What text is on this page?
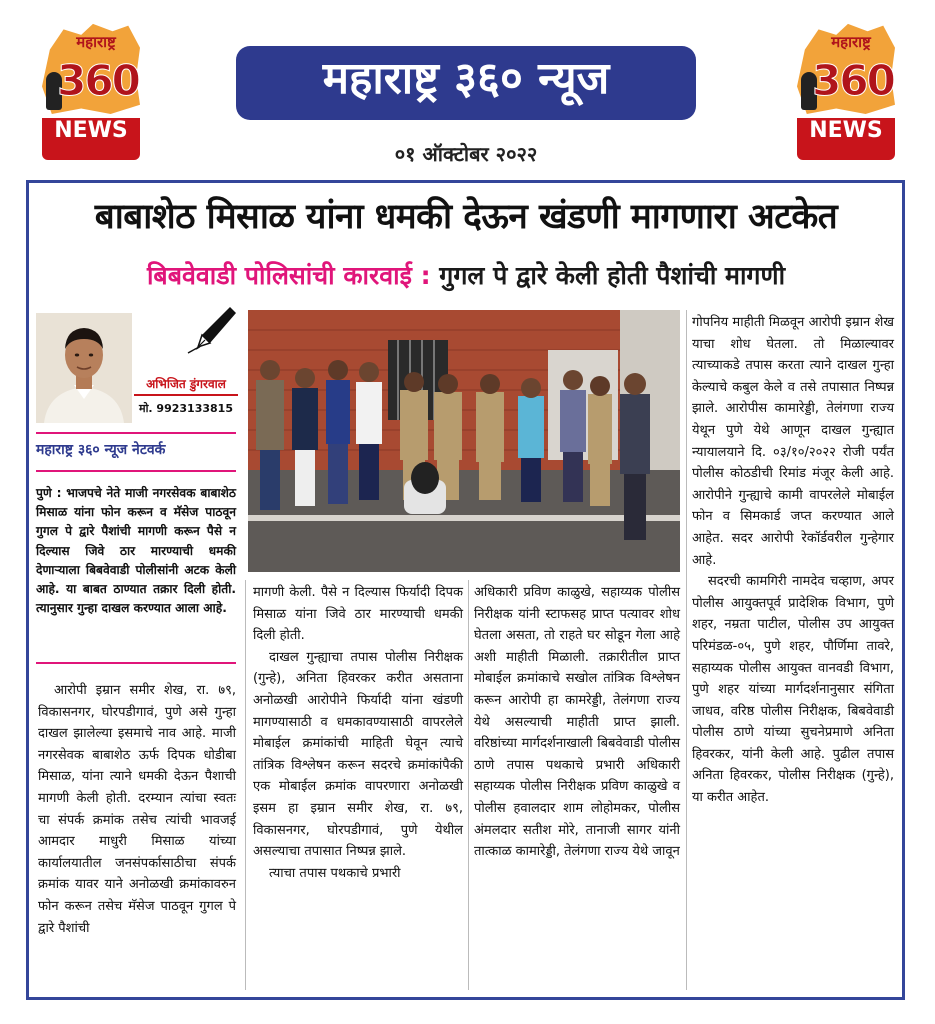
महाराष्ट्र
360
NEWS
महाराष्ट्र ३६० न्यूज
०१ ऑक्टोबर २०२२
महाराष्ट्र
360
NEWS
बाबाशेठ मिसाळ यांना धमकी देऊन खंडणी मागणारा अटकेत
बिबवेवाडी पोलिसांची कारवाई : गुगल पे द्वारे केली होती पैशांची मागणी
अभिजित डुंगरवाल
मो. 9923133815
महाराष्ट्र ३६० न्यूज नेटवर्क
पुणे : भाजपचे नेते माजी नगरसेवक बाबाशेठ मिसाळ यांना फोन करून व मॅसेज पाठवून गुगल पे द्वारे पैशांची मागणी करून पैसे न दिल्यास जिवे ठार मारण्याची धमकी देणाऱ्याला बिबवेवाडी पोलीसांनी अटक केली आहे. या बाबत ठाण्यात तक्रार दिली होती. त्यानुसार गुन्हा दाखल करण्यात आला आहे.

आरोपी इम्रान समीर शेख, रा. ७९, विकासनगर, घोरपडीगावं, पुणे असे गुन्हा दाखल झालेल्या इसमाचे नाव आहे. माजी नगरसेवक बाबाशेठ ऊर्फ दिपक धोडीबा मिसाळ, यांना त्याने धमकी देऊन पैशाची मागणी केली होती. दरम्यान त्यांचा स्वतः चा संपर्क क्रमांक तसेच त्यांची भावजई आमदार माधुरी मिसाळ यांच्या कार्यालयातील जनसंपर्कासाठीचा संपर्क क्रमांक यावर याने अनोळखी क्रमांकावरुन फोन करून तसेच मॅसेज पाठवून गुगल पे द्वारे पैशांची

मागणी केली. पैसे न दिल्यास फिर्यादी दिपक मिसाळ यांना जिवे ठार मारण्याची धमकी दिली होती.

दाखल गुन्ह्याचा तपास पोलीस निरीक्षक (गुन्हे), अनिता हिवरकर करीत असताना अनोळखी आरोपीने फिर्यादी यांना खंडणी मागण्यासाठी व धमकावण्यासाठी वापरलेले मोबाईल क्रमांकांची माहिती घेवून त्याचे तांत्रिक विश्लेषन करून सदरचे क्रमांकांपैकी एक मोबाईल क्रमांक वापरणारा अनोळखी इसम हा इम्रान समीर शेख, रा. ७९, विकासनगर, घोरपडीगावं, पुणे येथील असल्याचा तपासात निष्पन्न झाले.

त्याचा तपास पथकाचे प्रभारी

अधिकारी प्रविण काळुखे, सहाय्यक पोलीस निरीक्षक यांनी स्टाफसह प्राप्त पत्यावर शोध घेतला असता, तो राहते घर सोडून गेला आहे अशी माहीती मिळाली. तक्रारीतील प्राप्त मोबाईल क्रमांकाचे सखोल तांत्रिक विश्लेषन करून आरोपी हा कामरेड्डी, तेलंगणा राज्य येथे असल्याची माहीती प्राप्त झाली. वरिष्ठांच्या मार्गदर्शनाखाली बिबवेवाडी पोलीस ठाणे तपास पथकाचे प्रभारी अधिकारी सहाय्यक पोलीस निरीक्षक प्रविण काळुखे व पोलीस हवालदार शाम लोहोमकर, पोलीस अंमलदार सतीश मोरे, तानाजी सागर यांनी तात्काळ कामारेड्डी, तेलंगणा राज्य येथे जावून

गोपनिय माहीती मिळवून आरोपी इम्रान शेख याचा शोध घेतला. तो मिळाल्यावर त्याच्याकडे तपास करता त्याने दाखल गुन्हा केल्याचे कबुल केले व तसे तपासात निष्पन्न झाले. आरोपीस कामारेड्डी, तेलंगणा राज्य येथून पुणे येथे आणून दाखल गुन्ह्यात न्यायालयाने दि. ०३/१०/२०२२ रोजी पर्यंत पोलीस कोठडीची रिमांड मंजूर केली आहे. आरोपीने गुन्ह्याचे कामी वापरलेले मोबाईल फोन व सिमकार्ड जप्त करण्यात आले आहेत. सदर आरोपी रेकॉर्डवरील गुन्हेगार आहे.

सदरची कामगिरी नामदेव चव्हाण, अपर पोलीस आयुक्तपूर्व प्रादेशिक विभाग, पुणे शहर, नम्रता पाटील, पोलीस उप आयुक्त परिमंडळ-०५, पुणे शहर, पौर्णिमा तावरे, सहाय्यक पोलीस आयुक्त वानवडी विभाग, पुणे शहर यांच्या मार्गदर्शनानुसार संगिता जाधव, वरिष्ठ पोलीस निरीक्षक, बिबवेवाडी पोलीस ठाणे यांच्या सुचनेप्रमाणे अनिता हिवरकर, यांनी केली आहे. पुढील तपास अनिता हिवरकर, पोलीस निरीक्षक (गुन्हे), या करीत आहेत.
